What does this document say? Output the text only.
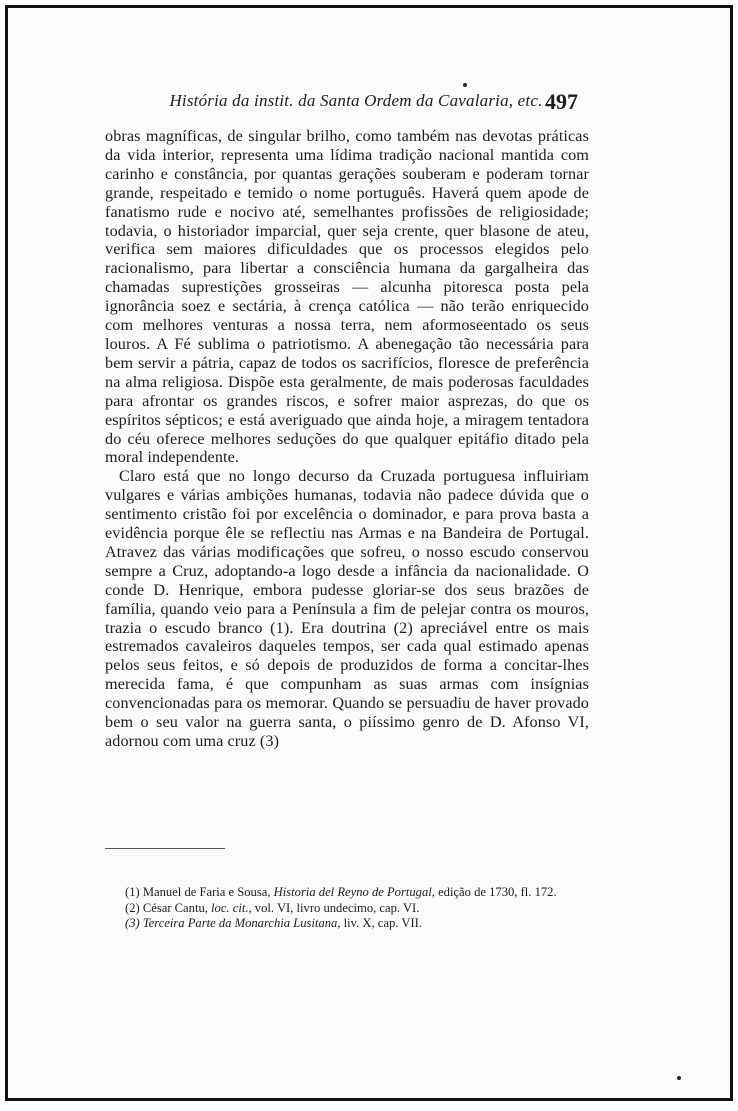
História da instit. da Santa Ordem da Cavalaria, etc. 497

obras magníficas, de singular brilho, como também nas devotas práticas da vida interior, representa uma lídima tradição nacional mantida com carinho e constância, por quantas gerações souberam e poderam tornar grande, respeitado e temido o nome português. Haverá quem apode de fanatismo rude e nocivo até, semelhantes profissões de religiosidade; todavia, o historiador imparcial, quer seja crente, quer blasone de ateu, verifica sem maiores dificuldades que os processos elegidos pelo racionalismo, para libertar a consciência humana da gargalheira das chamadas suprestições grosseiras — alcunha pitoresca posta pela ignorância soez e sectária, à crença católica — não terão enriquecido com melhores venturas a nossa terra, nem aformoseentado os seus louros. A Fé sublima o patriotismo. A abenegação tão necessária para bem servir a pátria, capaz de todos os sacrifícios, floresce de preferência na alma religiosa. Dispõe esta geralmente, de mais poderosas faculdades para afrontar os grandes riscos, e sofrer maior asprezas, do que os espíritos sépticos; e está averiguado que ainda hoje, a miragem tentadora do céu oferece melhores seduções do que qualquer epitáfio ditado pela moral independente.

Claro está que no longo decurso da Cruzada portuguesa influiriam vulgares e várias ambições humanas, todavia não padece dúvida que o sentimento cristão foi por excelência o dominador, e para prova basta a evidência porque êle se reflectiu nas Armas e na Bandeira de Portugal. Atravez das várias modificações que sofreu, o nosso escudo conservou sempre a Cruz, adoptando-a logo desde a infância da nacionalidade. O conde D. Henrique, embora pudesse gloriar-se dos seus brazões de família, quando veio para a Península a fim de pelejar contra os mouros, trazia o escudo branco (1). Era doutrina (2) apreciável entre os mais estremados cavaleiros daqueles tempos, ser cada qual estimado apenas pelos seus feitos, e só depois de produzidos de forma a concitar-lhes merecida fama, é que compunham as suas armas com insígnias convencionadas para os memorar. Quando se persuadiu de haver provado bem o seu valor na guerra santa, o piíssimo genro de D. Afonso VI, adornou com uma cruz (3)

(1) Manuel de Faria e Sousa, Historia del Reyno de Portugal, edição de 1730, fl. 172.

(2) César Cantu, loc. cit., vol. VI, livro undecimo, cap. VI.

(3) Terceira Parte da Monarchia Lusitana, liv. X, cap. VII.
